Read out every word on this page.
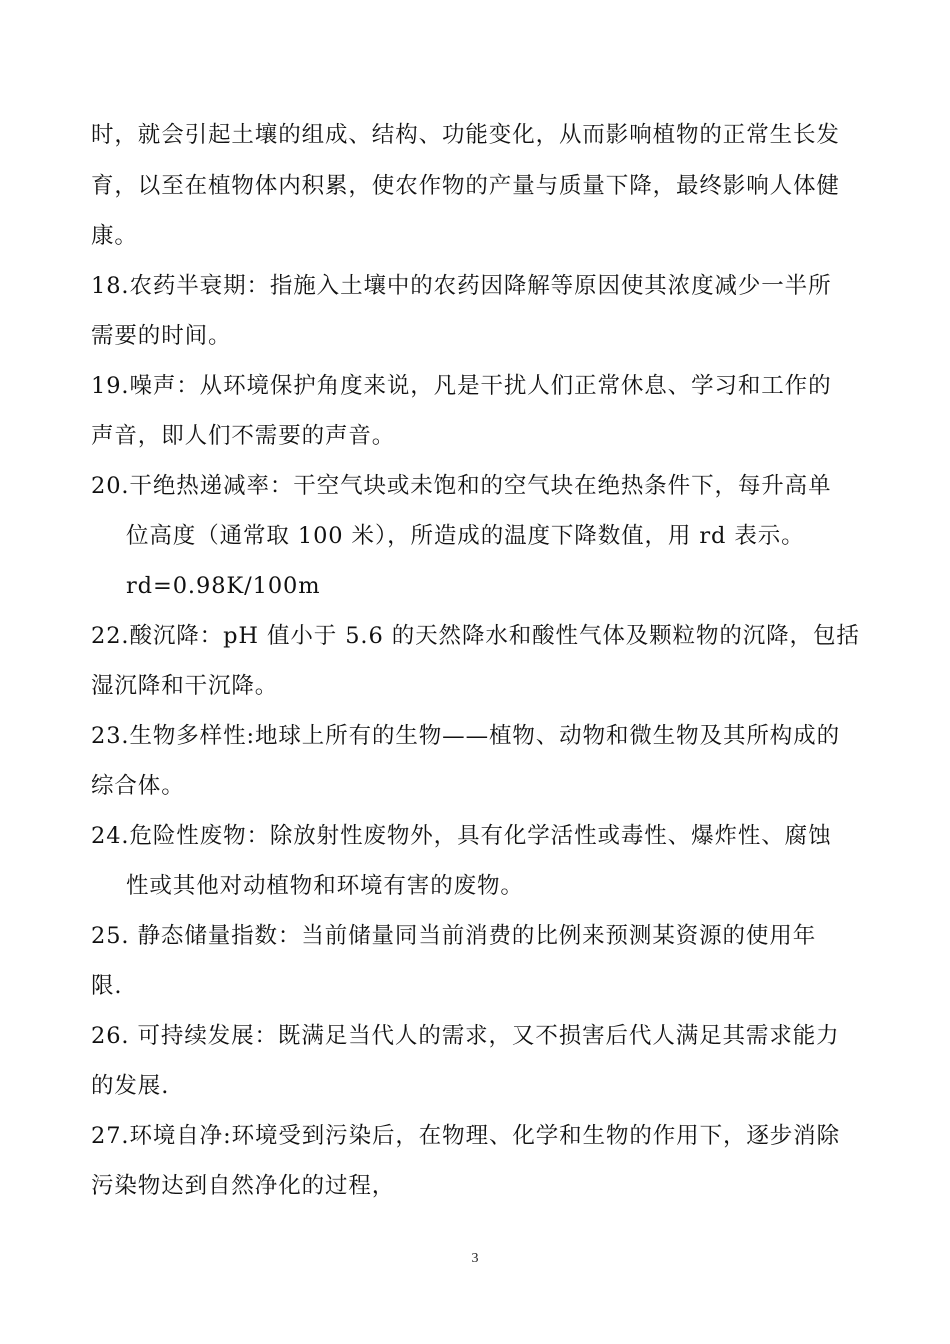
时，就会引起土壤的组成、结构、功能变化，从而影响植物的正常生长发
育，以至在植物体内积累，使农作物的产量与质量下降，最终影响人体健
康。
18.农药半衰期：指施入土壤中的农药因降解等原因使其浓度减少一半所
需要的时间。
19.噪声：从环境保护角度来说，凡是干扰人们正常休息、学习和工作的
声音，即人们不需要的声音。
20.干绝热递减率：干空气块或未饱和的空气块在绝热条件下，每升高单
位高度（通常取 100 米），所造成的温度下降数值，用 rd 表示。
rd=0.98K/100m
22.酸沉降：pH 值小于 5.6 的天然降水和酸性气体及颗粒物的沉降，包括
湿沉降和干沉降。
23.生物多样性:地球上所有的生物——植物、动物和微生物及其所构成的
综合体。
24.危险性废物：除放射性废物外，具有化学活性或毒性、爆炸性、腐蚀
性或其他对动植物和环境有害的废物。
25. 静态储量指数：当前储量同当前消费的比例来预测某资源的使用年
限.
26. 可持续发展：既满足当代人的需求，又不损害后代人满足其需求能力
的发展.
27.环境自净:环境受到污染后，在物理、化学和生物的作用下，逐步消除
污染物达到自然净化的过程，
3
